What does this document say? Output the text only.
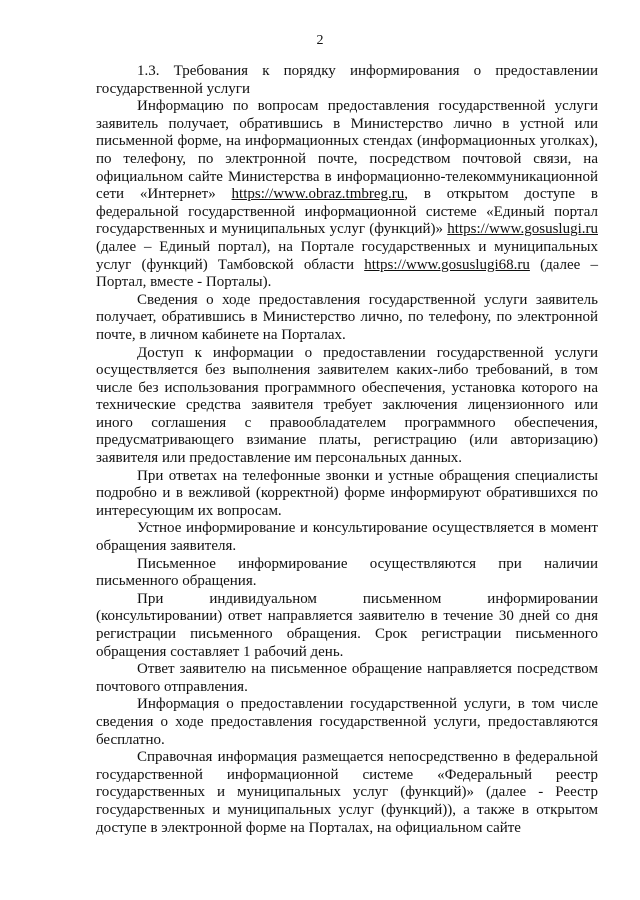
2

1.3. Требования к порядку информирования о предоставлении государственной услуги

Информацию по вопросам предоставления государственной услуги заявитель получает, обратившись в Министерство лично в устной или письменной форме, на информационных стендах (информационных уголках), по телефону, по электронной почте, посредством почтовой связи, на официальном сайте Министерства в информационно-телекоммуникационной сети «Интернет» https://www.obraz.tmbreg.ru, в открытом доступе в федеральной государственной информационной системе «Единый портал государственных и муниципальных услуг (функций)» https://www.gosuslugi.ru (далее – Единый портал), на Портале государственных и муниципальных услуг (функций) Тамбовской области https://www.gosuslugi68.ru (далее – Портал, вместе - Порталы).

Сведения о ходе предоставления государственной услуги заявитель получает, обратившись в Министерство лично, по телефону, по электронной почте, в личном кабинете на Порталах.

Доступ к информации о предоставлении государственной услуги осуществляется без выполнения заявителем каких-либо требований, в том числе без использования программного обеспечения, установка которого на технические средства заявителя требует заключения лицензионного или иного соглашения с правообладателем программного обеспечения, предусматривающего взимание платы, регистрацию (или авторизацию) заявителя или предоставление им персональных данных.

При ответах на телефонные звонки и устные обращения специалисты подробно и в вежливой (корректной) форме информируют обратившихся по интересующим их вопросам.

Устное информирование и консультирование осуществляется в момент обращения заявителя.

Письменное информирование осуществляются при наличии письменного обращения.

При индивидуальном письменном информировании (консультировании) ответ направляется заявителю в течение 30 дней со дня регистрации письменного обращения. Срок регистрации письменного обращения составляет 1 рабочий день.

Ответ заявителю на письменное обращение направляется посредством почтового отправления.

Информация о предоставлении государственной услуги, в том числе сведения о ходе предоставления государственной услуги, предоставляются бесплатно.

Справочная информация размещается непосредственно в федеральной государственной информационной системе «Федеральный реестр государственных и муниципальных услуг (функций)» (далее - Реестр государственных и муниципальных услуг (функций)), а также в открытом доступе в электронной форме на Порталах, на официальном сайте
